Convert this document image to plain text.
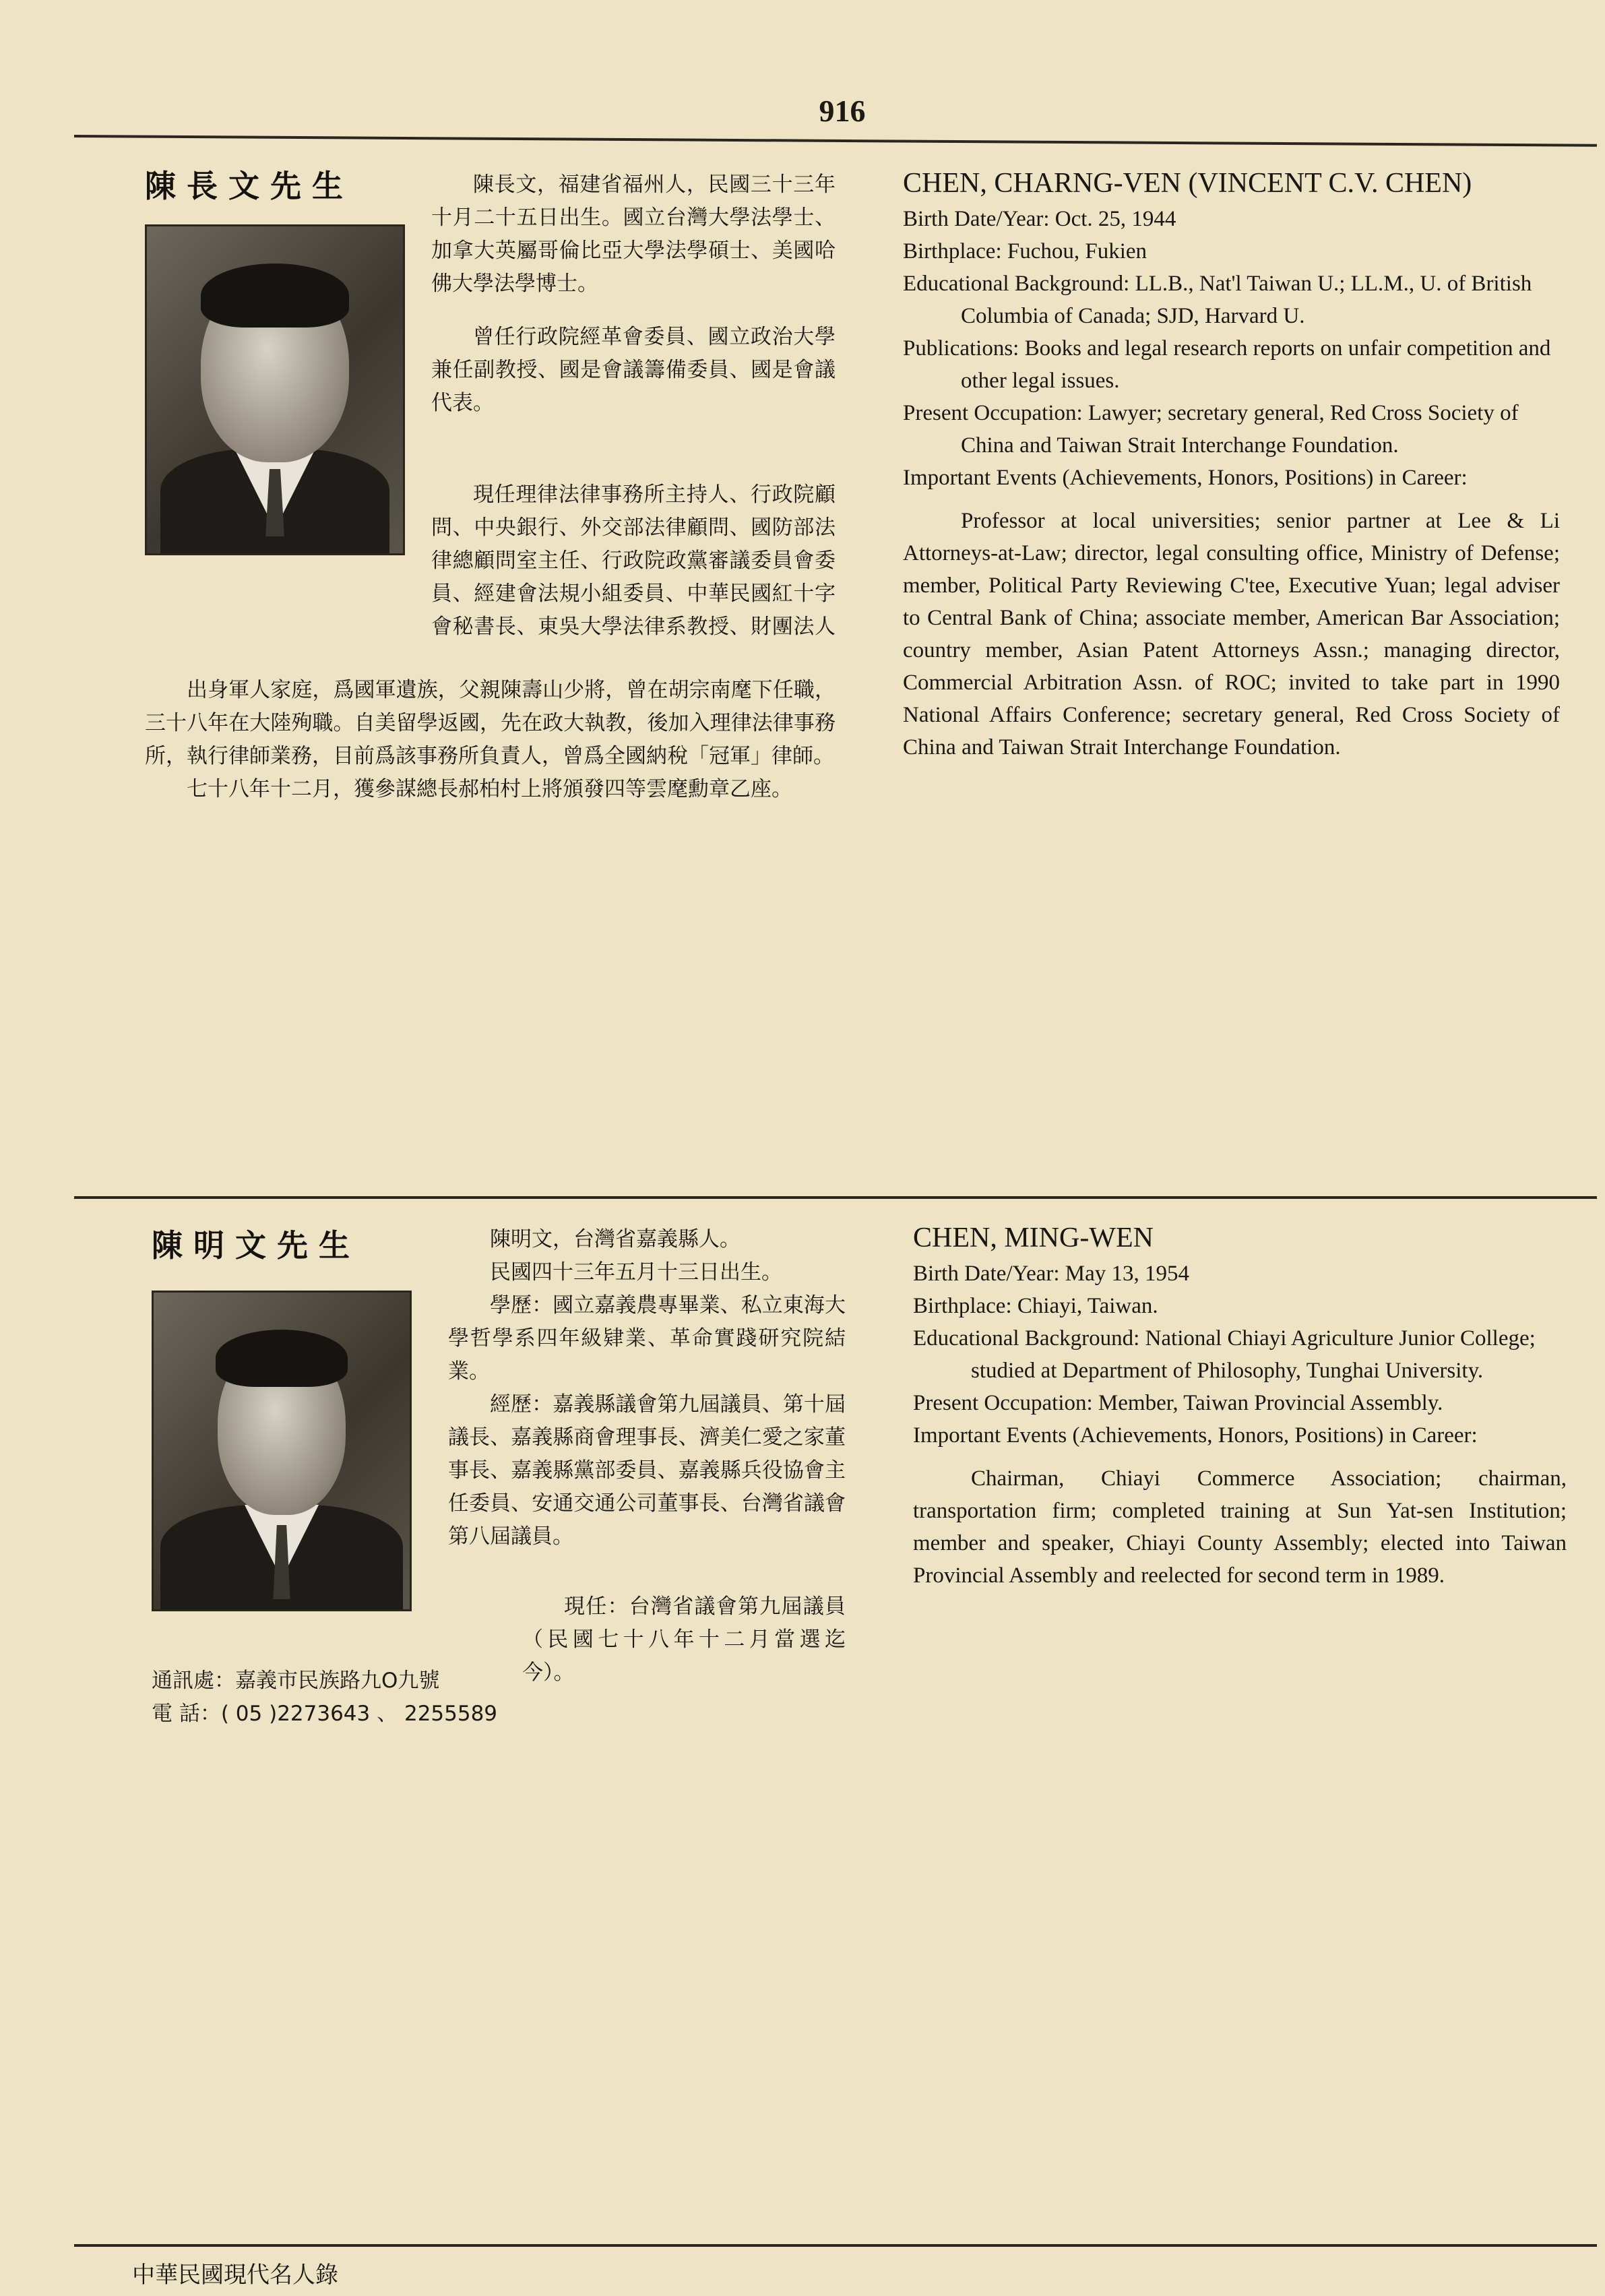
916
陳長文先生	陳長文，福建省福州人，民國三十三年十月二十五日出生。國立台灣大學法學士、加拿大英屬哥倫比亞大學法學碩士、美國哈佛大學法學博士。

曾任行政院經革會委員、國立政治大學兼任副教授、國是會議籌備委員、國是會議代表。

現任理律法律事務所主持人、行政院顧問、中央銀行、外交部法律顧問、國防部法律總顧問室主任、行政院政黨審議委員會委員、經建會法規小組委員、中華民國紅十字會秘書長、東吳大學法律系教授、財團法人

出身軍人家庭，爲國軍遺族，父親陳壽山少將，曾在胡宗南麾下任職，三十八年在大陸殉職。自美留學返國，先在政大執教，後加入理律法律事務所，執行律師業務，目前爲該事務所負責人，曾爲全國納稅「冠軍」律師。

七十八年十二月，獲參謀總長郝柏村上將頒發四等雲麾勳章乙座。

CHEN, CHARNG-VEN (VINCENT C.V. CHEN)

Birth Date/Year: Oct. 25, 1944

Birthplace: Fuchou, Fukien

Educational Background: LL.B., Nat'l Taiwan U.; LL.M., U. of British Columbia of Canada; SJD, Harvard U.

Publications: Books and legal research reports on unfair competition and other legal issues.

Present Occupation: Lawyer; secretary general, Red Cross Society of China and Taiwan Strait Interchange Foundation.

Important Events (Achievements, Honors, Positions) in Career:

Professor at local universities; senior partner at Lee & Li Attorneys-at-Law; director, legal consulting office, Ministry of Defense; member, Political Party Reviewing C'tee, Executive Yuan; legal adviser to Central Bank of China; associate member, American Bar Association; country member, Asian Patent Attorneys Assn.; managing director, Commercial Arbitration Assn. of ROC; invited to take part in 1990 National Affairs Conference; secretary general, Red Cross Society of China and Taiwan Strait Interchange Foundation.

陳明文先生	陳明文，台灣省嘉義縣人。

民國四十三年五月十三日出生。

學歷：國立嘉義農專畢業、私立東海大學哲學系四年級肄業、革命實踐研究院結業。

經歷：嘉義縣議會第九屆議員、第十屆議長、嘉義縣商會理事長、濟美仁愛之家董事長、嘉義縣黨部委員、嘉義縣兵役協會主任委員、安通交通公司董事長、台灣省議會第八屆議員。

現任：台灣省議會第九屆議員（民國七十八年十二月當選迄今）。

通訊處：嘉義市民族路九O九號
電 話：( 05 )2273643 、 2255589
CHEN, MING-WEN

Birth Date/Year: May 13, 1954

Birthplace: Chiayi, Taiwan.

Educational Background: National Chiayi Agriculture Junior College; studied at Department of Philosophy, Tunghai University.

Present Occupation: Member, Taiwan Provincial Assembly.

Important Events (Achievements, Honors, Positions) in Career:

Chairman, Chiayi Commerce Association; chairman, transportation firm; completed training at Sun Yat-sen Institution; member and speaker, Chiayi County Assembly; elected into Taiwan Provincial Assembly and reelected for second term in 1989.

中華民國現代名人錄
